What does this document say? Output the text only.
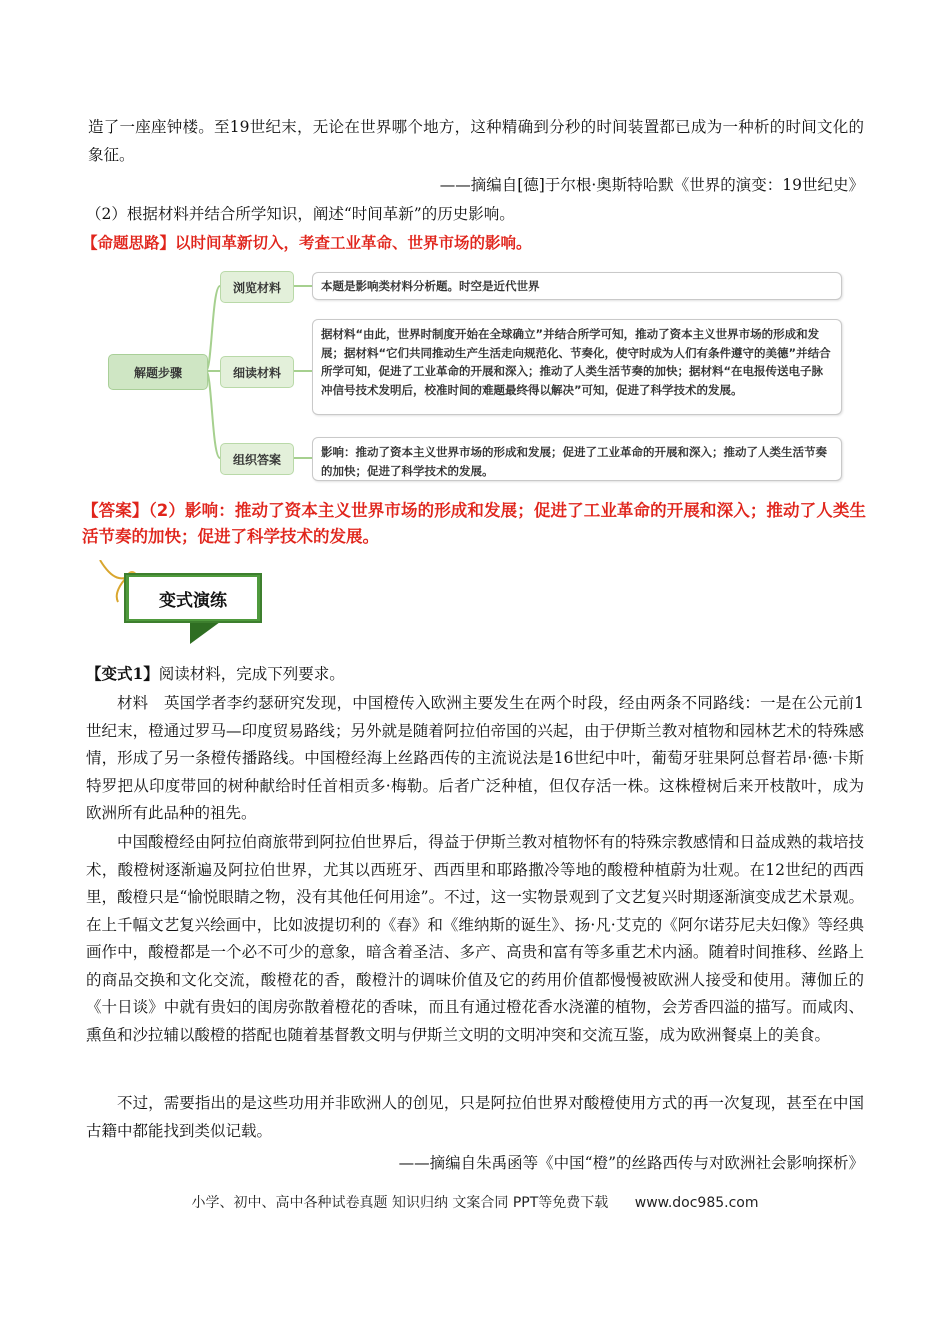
造了一座座钟楼。至19世纪末，无论在世界哪个地方，这种精确到分秒的时间装置都已成为一种析的时间文化的象征。
——摘编自[德]于尔根·奥斯特哈默《世界的演变：19世纪史》
（2）根据材料并结合所学知识，阐述“时间革新”的历史影响。
【命题思路】以时间革新切入，考查工业革命、世界市场的影响。
解题步骤
浏览材料
细读材料
组织答案
本题是影响类材料分析题。时空是近代世界
据材料“由此，世界时制度开始在全球确立”并结合所学可知，推动了资本主义世界市场的形成和发展；据材料“它们共同推动生产生活走向规范化、节奏化，使守时成为人们有条件遵守的美德”并结合所学可知，促进了工业革命的开展和深入；推动了人类生活节奏的加快；据材料“在电报传送电子脉冲信号技术发明后，校准时间的难题最终得以解决”可知，促进了科学技术的发展。
影响：推动了资本主义世界市场的形成和发展；促进了工业革命的开展和深入；推动了人类生活节奏的加快；促进了科学技术的发展。
【答案】（2）影响：推动了资本主义世界市场的形成和发展；促进了工业革命的开展和深入；推动了人类生活节奏的加快；促进了科学技术的发展。
变式演练
【变式1】阅读材料，完成下列要求。
材料　英国学者李约瑟研究发现，中国橙传入欧洲主要发生在两个时段，经由两条不同路线：一是在公元前1世纪末，橙通过罗马—印度贸易路线；另外就是随着阿拉伯帝国的兴起，由于伊斯兰教对植物和园林艺术的特殊感情，形成了另一条橙传播路线。中国橙经海上丝路西传的主流说法是16世纪中叶，葡萄牙驻果阿总督若昂·德·卡斯特罗把从印度带回的树种献给时任首相贡多·梅勒。后者广泛种植，但仅存活一株。这株橙树后来开枝散叶，成为欧洲所有此品种的祖先。
中国酸橙经由阿拉伯商旅带到阿拉伯世界后，得益于伊斯兰教对植物怀有的特殊宗教感情和日益成熟的栽培技术，酸橙树逐渐遍及阿拉伯世界，尤其以西班牙、西西里和耶路撒冷等地的酸橙种植蔚为壮观。在12世纪的西西里，酸橙只是“愉悦眼睛之物，没有其他任何用途”。不过，这一实物景观到了文艺复兴时期逐渐演变成艺术景观。在上千幅文艺复兴绘画中，比如波提切利的《春》和《维纳斯的诞生》、扬·凡·艾克的《阿尔诺芬尼夫妇像》等经典画作中，酸橙都是一个必不可少的意象，暗含着圣洁、多产、高贵和富有等多重艺术内涵。随着时间推移、丝路上的商品交换和文化交流，酸橙花的香，酸橙汁的调味价值及它的药用价值都慢慢被欧洲人接受和使用。薄伽丘的《十日谈》中就有贵妇的闺房弥散着橙花的香味，而且有通过橙花香水浇灌的植物，会芳香四溢的描写。而咸肉、熏鱼和沙拉辅以酸橙的搭配也随着基督教文明与伊斯兰文明的文明冲突和交流互鉴，成为欧洲餐桌上的美食。
不过，需要指出的是这些功用并非欧洲人的创见，只是阿拉伯世界对酸橙使用方式的再一次复现，甚至在中国古籍中都能找到类似记载。
——摘编自朱禹函等《中国“橙”的丝路西传与对欧洲社会影响探析》
小学、初中、高中各种试卷真题 知识归纳 文案合同 PPT等免费下载 www.doc985.com
